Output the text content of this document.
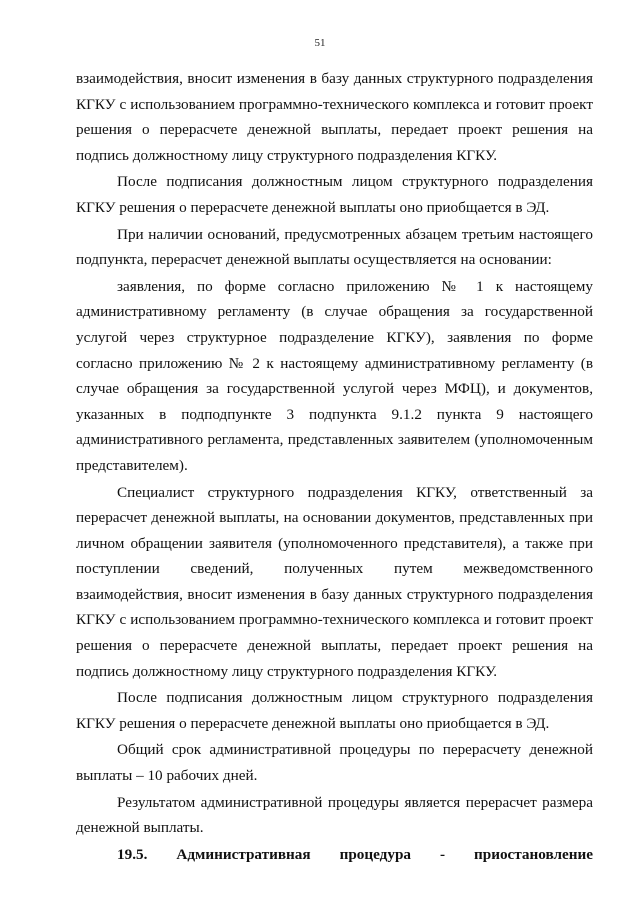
51

взаимодействия, вносит изменения в базу данных структурного подразделения КГКУ с использованием программно-технического комплекса и готовит проект решения о перерасчете денежной выплаты, передает проект решения на подпись должностному лицу структурного подразделения КГКУ.

После подписания должностным лицом структурного подразделения КГКУ решения о перерасчете денежной выплаты оно приобщается в ЭД.

При наличии оснований, предусмотренных абзацем третьим настоящего подпункта, перерасчет денежной выплаты осуществляется на основании:

заявления, по форме согласно приложению № 1 к настоящему административному регламенту (в случае обращения за государственной услугой через структурное подразделение КГКУ), заявления по форме согласно приложению № 2 к настоящему административному регламенту (в случае обращения за государственной услугой через МФЦ), и документов, указанных в подподпункте 3 подпункта 9.1.2 пункта 9 настоящего административного регламента, представленных заявителем (уполномоченным представителем).

Специалист структурного подразделения КГКУ, ответственный за перерасчет денежной выплаты, на основании документов, представленных при личном обращении заявителя (уполномоченного представителя), а также при поступлении сведений, полученных путем межведомственного взаимодействия, вносит изменения в базу данных структурного подразделения КГКУ с использованием программно-технического комплекса и готовит проект решения о перерасчете денежной выплаты, передает проект решения на подпись должностному лицу структурного подразделения КГКУ.

После подписания должностным лицом структурного подразделения КГКУ решения о перерасчете денежной выплаты оно приобщается в ЭД.

Общий срок административной процедуры по перерасчету денежной выплаты – 10 рабочих дней.

Результатом административной процедуры является перерасчет размера денежной выплаты.

19.5. Административная процедура - приостановление
